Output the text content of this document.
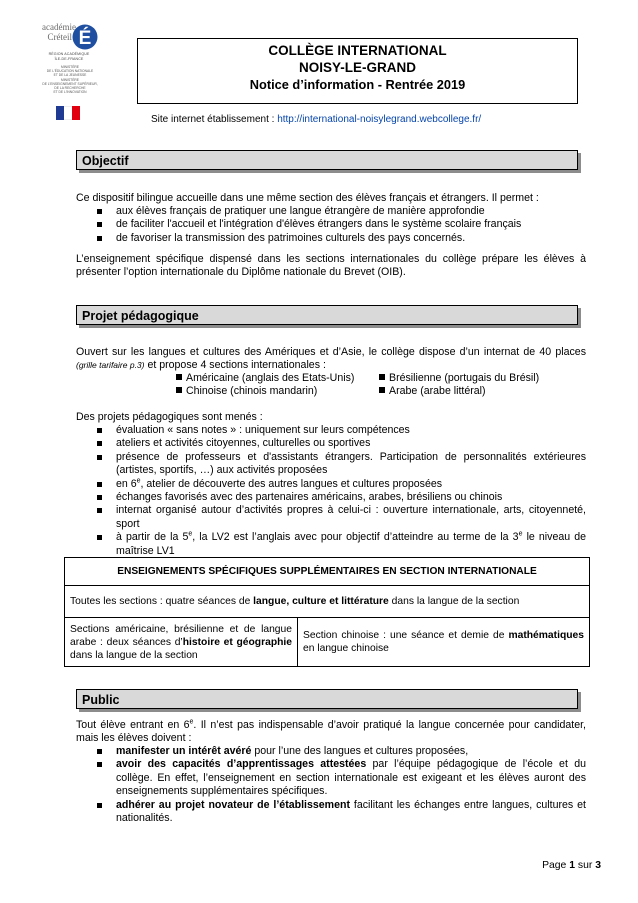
académie
Créteil É
RÉGION ACADÉMIQUE
ÎLE-DE-FRANCE
MINISTÈRE
DE L'ÉDUCATION NATIONALE
ET DE LA JEUNESSE
MINISTÈRE
DE L'ENSEIGNEMENT SUPÉRIEUR,
DE LA RECHERCHE
ET DE L'INNOVATION
COLLÈGE INTERNATIONAL
NOISY-LE-GRAND
Notice d’information - Rentrée 2019
Site internet établissement : http://international-noisylegrand.webcollege.fr/
Objectif
Ce dispositif bilingue accueille dans une même section des élèves français et étrangers. Il permet :
aux élèves français de pratiquer une langue étrangère de manière approfondie
de faciliter l'accueil et l'intégration d'élèves étrangers dans le système scolaire français
de favoriser la transmission des patrimoines culturels des pays concernés.
L’enseignement spécifique dispensé dans les sections internationales du collège prépare les élèves à
présenter l’option internationale du Diplôme nationale du Brevet (OIB).
Projet pédagogique
Ouvert sur les langues et cultures des Amériques et d’Asie, le collège dispose d’un internat de 40 places
(grille tarifaire p.3) et propose 4 sections internationales :
Américaine (anglais des Etats-Unis)	Brésilienne (portugais du Brésil)
Chinoise (chinois mandarin)	Arabe (arabe littéral)
Des projets pédagogiques sont menés :
évaluation « sans notes » : uniquement sur leurs compétences
ateliers et activités citoyennes, culturelles ou sportives
présence de professeurs et d'assistants étrangers. Participation de personnalités extérieures (artistes, sportifs, …) aux activités proposées
en 6e, atelier de découverte des autres langues et cultures proposées
échanges favorisés avec des partenaires américains, arabes, brésiliens ou chinois
internat organisé autour d’activités propres à celui-ci : ouverture internationale, arts, citoyenneté, sport
à partir de la 5e, la LV2 est l’anglais avec pour objectif d’atteindre au terme de la 3e le niveau de maîtrise LV1
ENSEIGNEMENTS SPÉCIFIQUES SUPPLÉMENTAIRES EN SECTION INTERNATIONALE
Toutes les sections : quatre séances de langue, culture et littérature dans la langue de la section
Sections américaine, brésilienne et de langue arabe : deux séances d’histoire et géographie dans la langue de la section	Section chinoise : une séance et demie de mathématiques en langue chinoise
Public
Tout élève entrant en 6e. Il n’est pas indispensable d’avoir pratiqué la langue concernée pour candidater,
mais les élèves doivent :
manifester un intérêt avéré pour l’une des langues et cultures proposées,
avoir des capacités d’apprentissages attestées par l’équipe pédagogique de l’école et du collège. En effet, l’enseignement en section internationale est exigeant et les élèves auront des enseignements supplémentaires spécifiques.
adhérer au projet novateur de l’établissement facilitant les échanges entre langues, cultures et nationalités.
Page 1 sur 3
